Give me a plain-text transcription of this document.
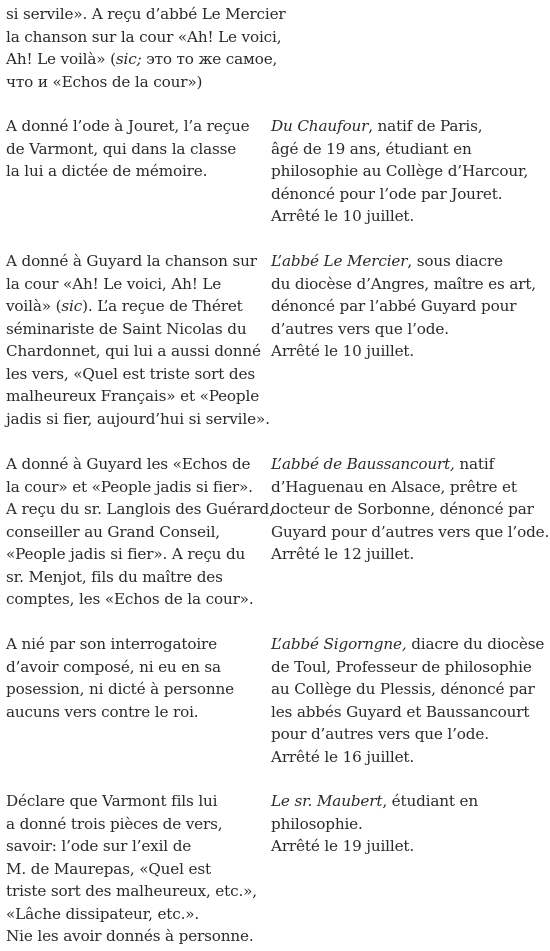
si servile». A reçu d’abbé Le Mercier
la chanson sur la cour «Ah! Le voici,
Ah! Le voilà» (sic; это то же самое,
что и «Echos de la cour»)
A donné l’ode à Jouret, l’a reçue
de Varmont, qui dans la classe
la lui a dictée de mémoire.
Du Chaufour, natif de Paris,
âgé de 19 ans, étudiant en
philosophie au Collège d’Harcour,
dénoncé pour l’ode par Jouret.
Arrêté le 10 juillet.
A donné à Guyard la chanson sur
la cour «Ah! Le voici, Ah! Le
voilà» (sic). L’a reçue de Théret
séminariste de Saint Nicolas du
Chardonnet, qui lui a aussi donné
les vers, «Quel est triste sort des
malheureux Français» et «People
jadis si fier, aujourd’hui si servile».
L’abbé Le Mercier, sous diacre
du diocèse d’Angres, maître es art,
dénoncé par l’abbé Guyard pour
d’autres vers que l’ode.
Arrêté le 10 juillet.
A donné à Guyard les «Echos de
la cour» et «People jadis si fier».
A reçu du sr. Langlois des Guérard,
conseiller au Grand Conseil,
«People jadis si fier». A reçu du
sr. Menjot, fils du maître des
comptes, les «Echos de la cour».
L’abbé de Baussancourt, natif
d’Haguenau en Alsace, prêtre et
docteur de Sorbonne, dénoncé par
Guyard pour d’autres vers que l’ode.
Arrêté le 12 juillet.
A nié par son interrogatoire
d’avoir composé, ni eu en sa
posession, ni dicté à personne
aucuns vers contre le roi.
L’abbé Sigorngne, diacre du diocèse
de Toul, Professeur de philosophie
au Collège du Plessis, dénoncé par
les abbés Guyard et Baussancourt
pour d’autres vers que l’ode.
Arrêté le 16 juillet.
Déclare que Varmont fils lui
a donné trois pièces de vers,
savoir: l’ode sur l’exil de
M. de Maurepas, «Quel est
triste sort des malheureux, etc.»,
«Lâche dissipateur, etc.».
Nie les avoir donnés à personne.
Le sr. Maubert, étudiant en
philosophie.
Arrêté le 19 juillet.
